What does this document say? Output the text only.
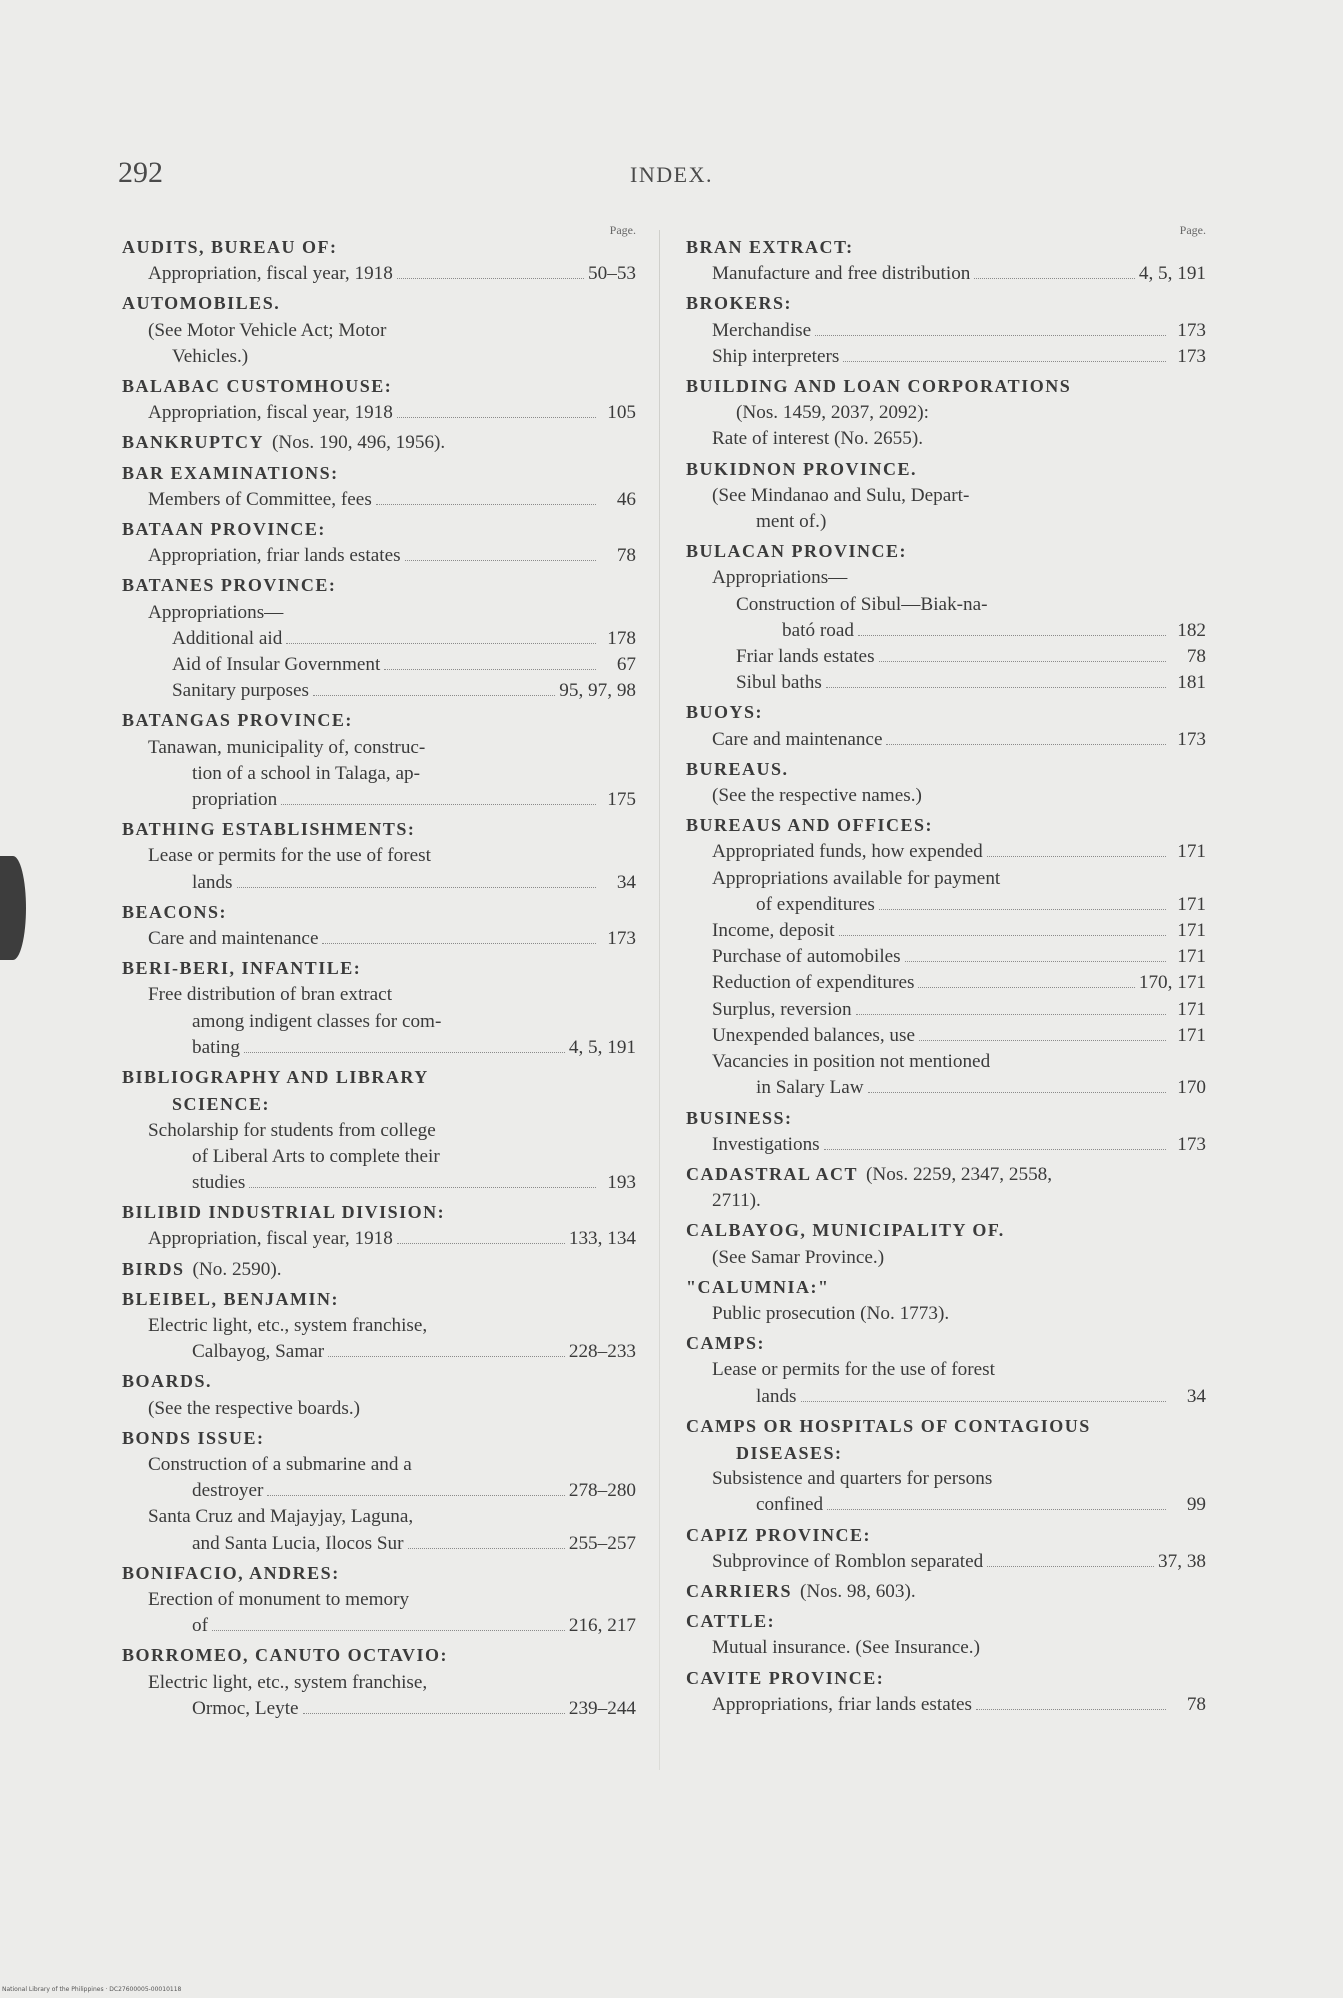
292	INDEX.
Page.
AUDITS, BUREAU OF:
Appropriation, fiscal year, 1918	50–53
AUTOMOBILES.
(See Motor Vehicle Act; Motor
Vehicles.)
BALABAC CUSTOMHOUSE:
Appropriation, fiscal year, 1918	105
BANKRUPTCY (Nos. 190, 496, 1956).
BAR EXAMINATIONS:
Members of Committee, fees	46
BATAAN PROVINCE:
Appropriation, friar lands estates	78
BATANES PROVINCE:
Appropriations—
Additional aid	178
Aid of Insular Government	67
Sanitary purposes	95, 97, 98
BATANGAS PROVINCE:
Tanawan, municipality of, construc-
tion of a school in Talaga, ap-
propriation	175
BATHING ESTABLISHMENTS:
Lease or permits for the use of forest
lands	34
BEACONS:
Care and maintenance	173
BERI-BERI, INFANTILE:
Free distribution of bran extract
among indigent classes for com-
bating	4, 5, 191
BIBLIOGRAPHY AND LIBRARY
SCIENCE:
Scholarship for students from college
of Liberal Arts to complete their
studies	193
BILIBID INDUSTRIAL DIVISION:
Appropriation, fiscal year, 1918	133, 134
BIRDS (No. 2590).
BLEIBEL, BENJAMIN:
Electric light, etc., system franchise,
Calbayog, Samar	228–233
BOARDS.
(See the respective boards.)
BONDS ISSUE:
Construction of a submarine and a
destroyer	278–280
Santa Cruz and Majayjay, Laguna,
and Santa Lucia, Ilocos Sur	255–257
BONIFACIO, ANDRES:
Erection of monument to memory
of	216, 217
BORROMEO, CANUTO OCTAVIO:
Electric light, etc., system franchise,
Ormoc, Leyte	239–244
Page.
BRAN EXTRACT:
Manufacture and free distribution	4, 5, 191
BROKERS:
Merchandise	173
Ship interpreters	173
BUILDING AND LOAN CORPORATIONS
(Nos. 1459, 2037, 2092):
Rate of interest (No. 2655).
BUKIDNON PROVINCE.
(See Mindanao and Sulu, Depart-
ment of.)
BULACAN PROVINCE:
Appropriations—
Construction of Sibul—Biak-na-
bató road	182
Friar lands estates	78
Sibul baths	181
BUOYS:
Care and maintenance	173
BUREAUS.
(See the respective names.)
BUREAUS AND OFFICES:
Appropriated funds, how expended	171
Appropriations available for payment
of expenditures	171
Income, deposit	171
Purchase of automobiles	171
Reduction of expenditures	170, 171
Surplus, reversion	171
Unexpended balances, use	171
Vacancies in position not mentioned
in Salary Law	170
BUSINESS:
Investigations	173
CADASTRAL ACT (Nos. 2259, 2347, 2558,
2711).
CALBAYOG, MUNICIPALITY OF.
(See Samar Province.)
"CALUMNIA:"
Public prosecution (No. 1773).
CAMPS:
Lease or permits for the use of forest
lands	34
CAMPS OR HOSPITALS OF CONTAGIOUS
DISEASES:
Subsistence and quarters for persons
confined	99
CAPIZ PROVINCE:
Subprovince of Romblon separated	37, 38
CARRIERS (Nos. 98, 603).
CATTLE:
Mutual insurance. (See Insurance.)
CAVITE PROVINCE:
Appropriations, friar lands estates	78
National Library of the Philippines · DC27600005-00010118
